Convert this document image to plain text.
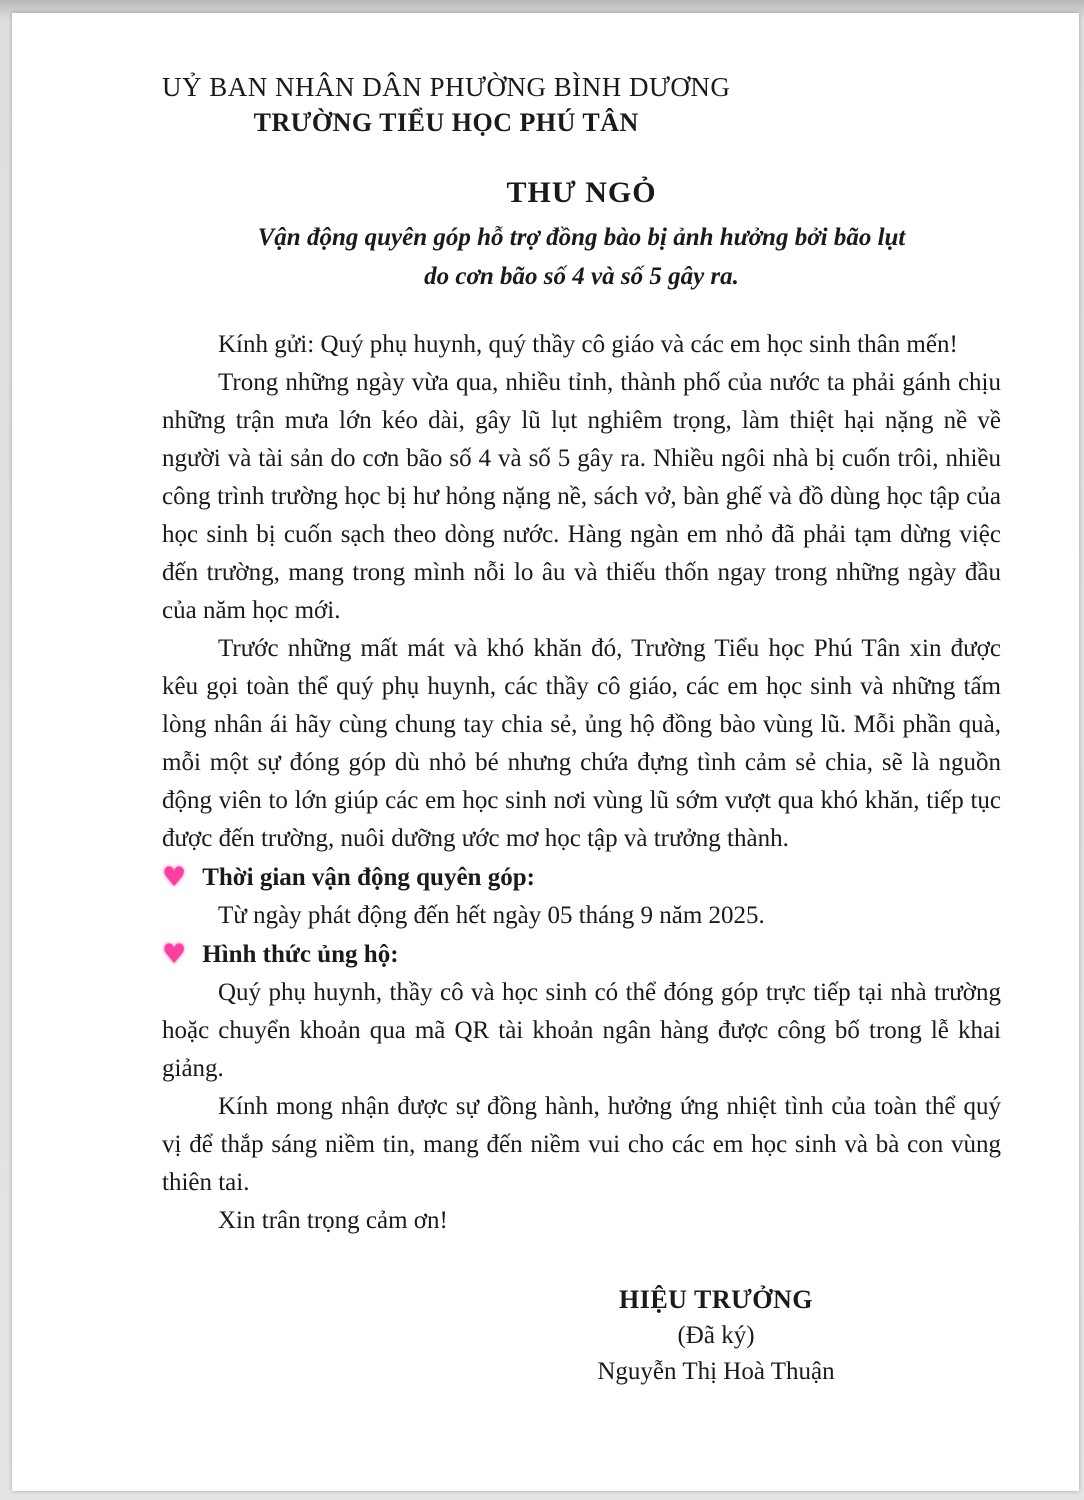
UỶ BAN NHÂN DÂN PHƯỜNG BÌNH DƯƠNG
TRƯỜNG TIỂU HỌC PHÚ TÂN
THƯ NGỎ
Vận động quyên góp hỗ trợ đồng bào bị ảnh hưởng bởi bão lụt
do cơn bão số 4 và số 5 gây ra.

Kính gửi: Quý phụ huynh, quý thầy cô giáo và các em học sinh thân mến!

Trong những ngày vừa qua, nhiều tỉnh, thành phố của nước ta phải gánh chịu những trận mưa lớn kéo dài, gây lũ lụt nghiêm trọng, làm thiệt hại nặng nề về người và tài sản do cơn bão số 4 và số 5 gây ra. Nhiều ngôi nhà bị cuốn trôi, nhiều công trình trường học bị hư hỏng nặng nề, sách vở, bàn ghế và đồ dùng học tập của học sinh bị cuốn sạch theo dòng nước. Hàng ngàn em nhỏ đã phải tạm dừng việc đến trường, mang trong mình nỗi lo âu và thiếu thốn ngay trong những ngày đầu của năm học mới.

Trước những mất mát và khó khăn đó, Trường Tiểu học Phú Tân xin được kêu gọi toàn thể quý phụ huynh, các thầy cô giáo, các em học sinh và những tấm lòng nhân ái hãy cùng chung tay chia sẻ, ủng hộ đồng bào vùng lũ. Mỗi phần quà, mỗi một sự đóng góp dù nhỏ bé nhưng chứa đựng tình cảm sẻ chia, sẽ là nguồn động viên to lớn giúp các em học sinh nơi vùng lũ sớm vượt qua khó khăn, tiếp tục được đến trường, nuôi dưỡng ước mơ học tập và trưởng thành.

♥ Thời gian vận động quyên góp:

Từ ngày phát động đến hết ngày 05 tháng 9 năm 2025.

♥ Hình thức ủng hộ:

Quý phụ huynh, thầy cô và học sinh có thể đóng góp trực tiếp tại nhà trường hoặc chuyển khoản qua mã QR tài khoản ngân hàng được công bố trong lễ khai giảng.

Kính mong nhận được sự đồng hành, hưởng ứng nhiệt tình của toàn thể quý vị để thắp sáng niềm tin, mang đến niềm vui cho các em học sinh và bà con vùng thiên tai.

Xin trân trọng cảm ơn!

HIỆU TRƯỞNG
(Đã ký)
Nguyễn Thị Hoà Thuận
